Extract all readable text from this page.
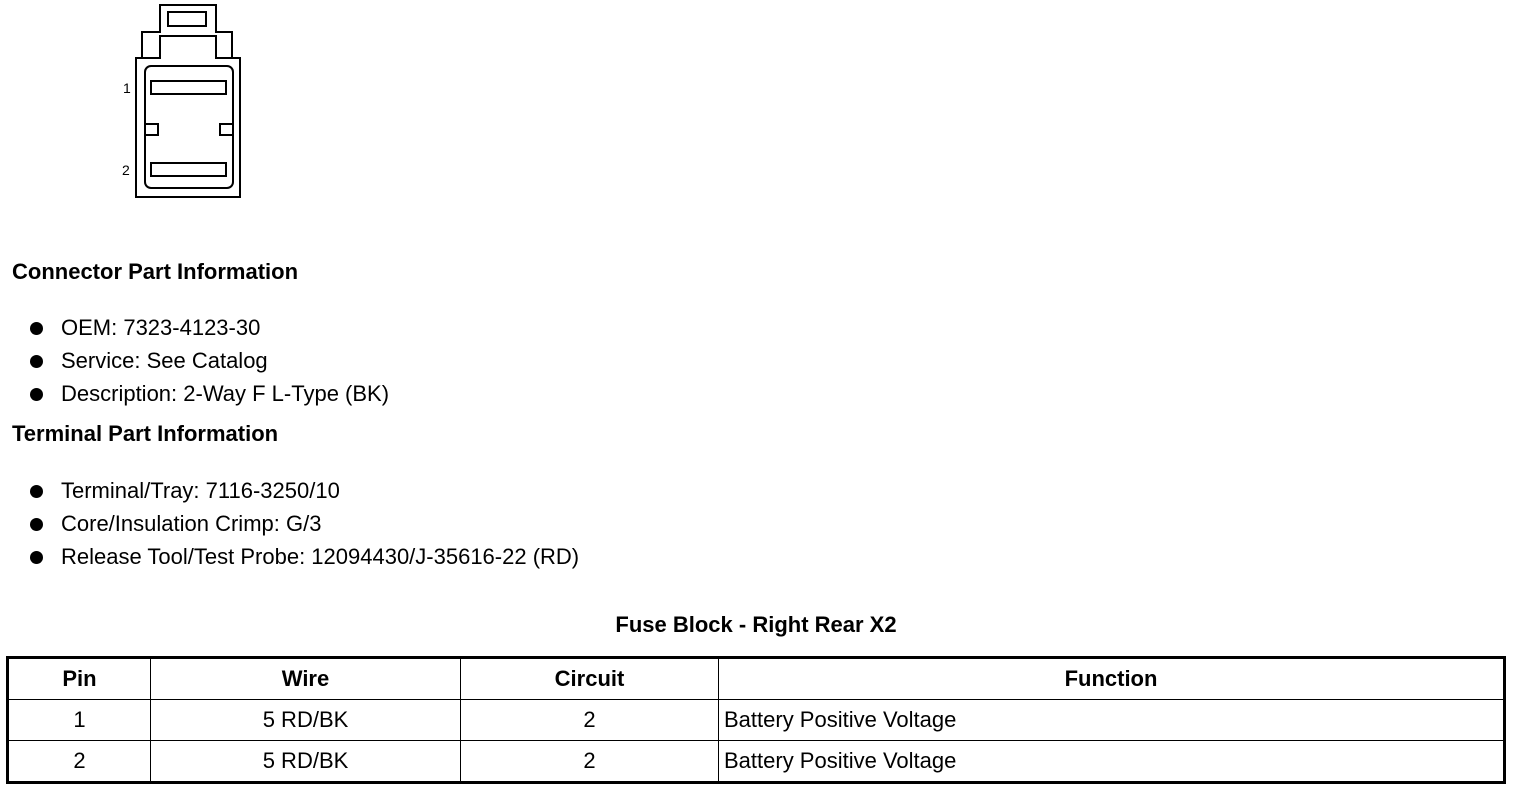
1
2
Connector Part Information
OEM: 7323-4123-30
Service: See Catalog
Description: 2-Way F L-Type (BK)
Terminal Part Information
Terminal/Tray: 7116-3250/10
Core/Insulation Crimp: G/3
Release Tool/Test Probe: 12094430/J-35616-22 (RD)
Fuse Block - Right Rear X2
Pin	Wire	Circuit	Function
1	5 RD/BK	2	Battery Positive Voltage
2	5 RD/BK	2	Battery Positive Voltage
